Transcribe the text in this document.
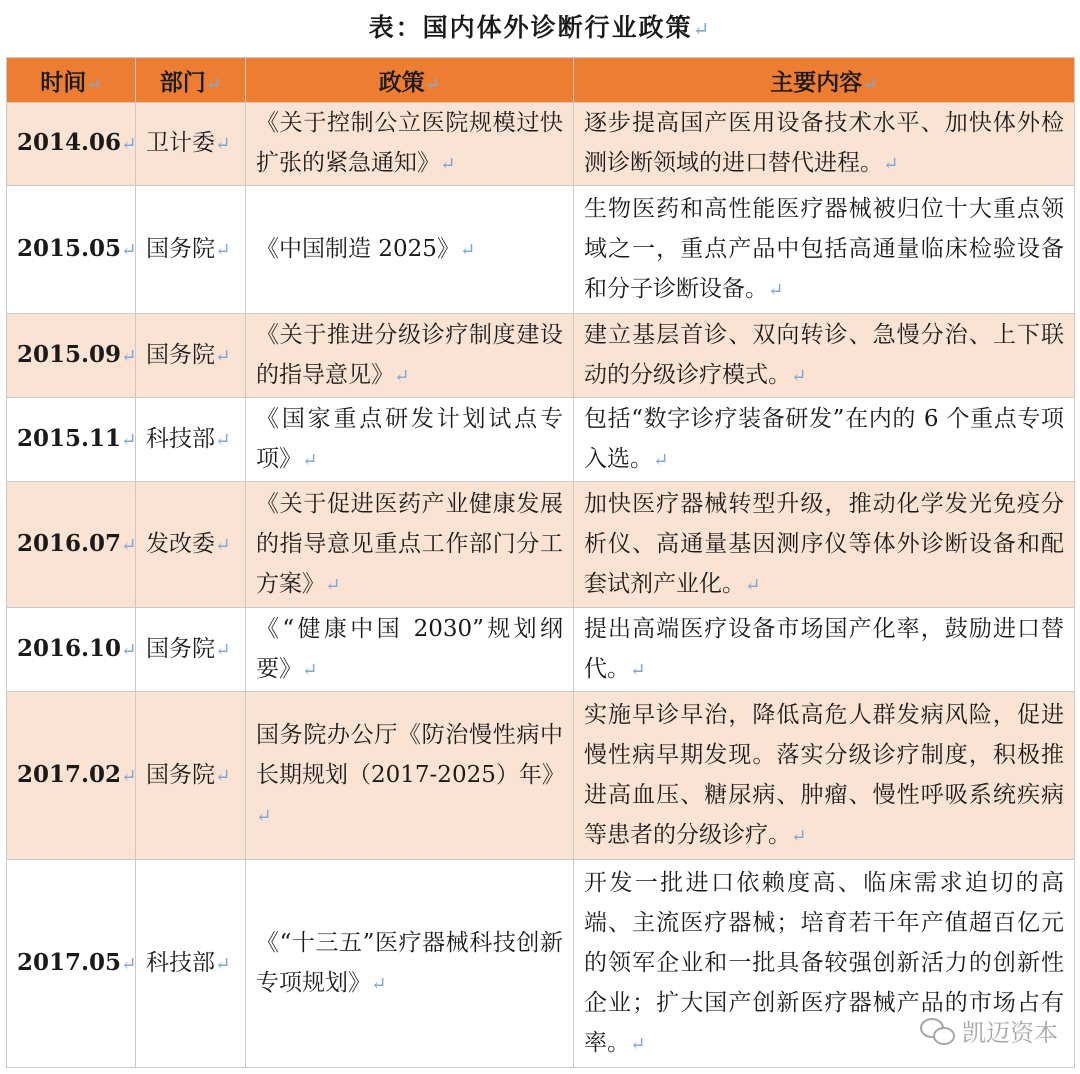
表：国内体外诊断行业政策↵
时间↵	部门↵	政策↵	主要内容↵
2014.06↵	卫计委↵	《关于控制公立医院规模过快扩张的紧急通知》↵	逐步提高国产医用设备技术水平、加快体外检测诊断领域的进口替代进程。↵
2015.05↵	国务院↵	《中国制造 2025》↵	生物医药和高性能医疗器械被归位十大重点领域之一，重点产品中包括高通量临床检验设备和分子诊断设备。↵
2015.09↵	国务院↵	《关于推进分级诊疗制度建设的指导意见》↵	建立基层首诊、双向转诊、急慢分治、上下联动的分级诊疗模式。↵
2015.11↵	科技部↵	《国家重点研发计划试点专项》↵	包括“数字诊疗装备研发”在内的 6 个重点专项入选。↵
2016.07↵	发改委↵	《关于促进医药产业健康发展的指导意见重点工作部门分工方案》↵	加快医疗器械转型升级，推动化学发光免疫分析仪、高通量基因测序仪等体外诊断设备和配套试剂产业化。↵
2016.10↵	国务院↵	《“健康中国 2030”规划纲要》↵	提出高端医疗设备市场国产化率，鼓励进口替代。↵
2017.02↵	国务院↵	国务院办公厅《防治慢性病中长期规划（2017-2025）年》↵	实施早诊早治，降低高危人群发病风险，促进慢性病早期发现。落实分级诊疗制度，积极推进高血压、糖尿病、肿瘤、慢性呼吸系统疾病等患者的分级诊疗。↵
2017.05↵	科技部↵	《“十三五”医疗器械科技创新专项规划》↵	开发一批进口依赖度高、临床需求迫切的高端、主流医疗器械；培育若干年产值超百亿元的领军企业和一批具备较强创新活力的创新性企业；扩大国产创新医疗器械产品的市场占有率。↵	凯迈资本
